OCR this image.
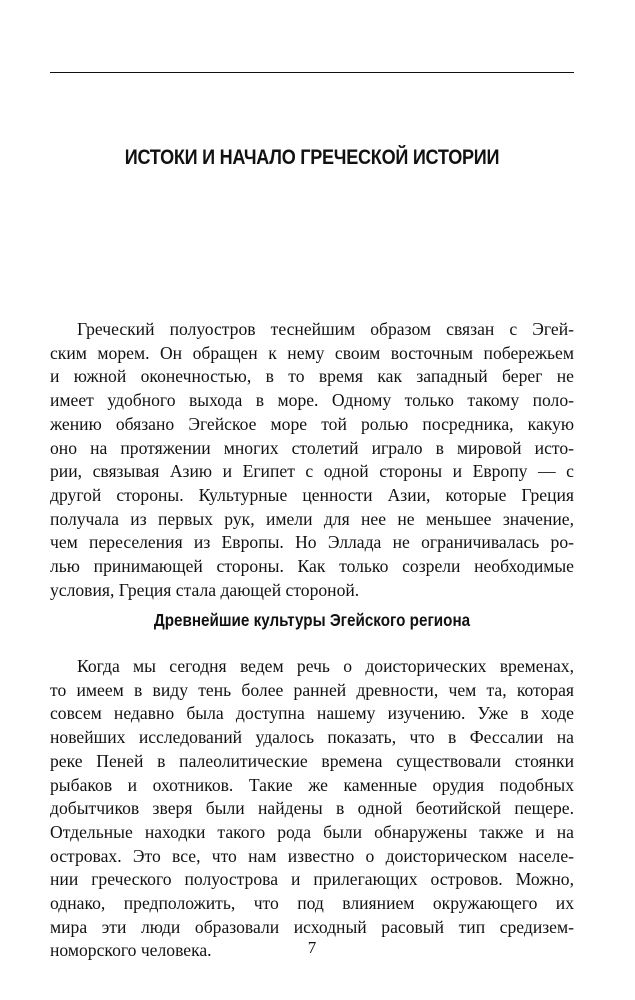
ИСТОКИ И НАЧАЛО ГРЕЧЕСКОЙ ИСТОРИИ
Греческий полуостров теснейшим образом связан с Эгей-
ским морем. Он обращен к нему своим восточным побережьем
и южной оконечностью, в то время как западный берег не
имеет удобного выхода в море. Одному только такому поло-
жению обязано Эгейское море той ролью посредника, какую
оно на протяжении многих столетий играло в мировой исто-
рии, связывая Азию и Египет с одной стороны и Европу — с
другой стороны. Культурные ценности Азии, которые Греция
получала из первых рук, имели для нее не меньшее значение,
чем переселения из Европы. Но Эллада не ограничивалась ро-
лью принимающей стороны. Как только созрели необходимые
условия, Греция стала дающей стороной.
Древнейшие культуры Эгейского региона
Когда мы сегодня ведем речь о доисторических временах,
то имеем в виду тень более ранней древности, чем та, которая
совсем недавно была доступна нашему изучению. Уже в ходе
новейших исследований удалось показать, что в Фессалии на
реке Пеней в палеолитические времена существовали стоянки
рыбаков и охотников. Такие же каменные орудия подобных
добытчиков зверя были найдены в одной беотийской пещере.
Отдельные находки такого рода были обнаружены также и на
островах. Это все, что нам известно о доисторическом населе-
нии греческого полуострова и прилегающих островов. Можно,
однако, предположить, что под влиянием окружающего их
мира эти люди образовали исходный расовый тип средизем-
номорского человека.	7
